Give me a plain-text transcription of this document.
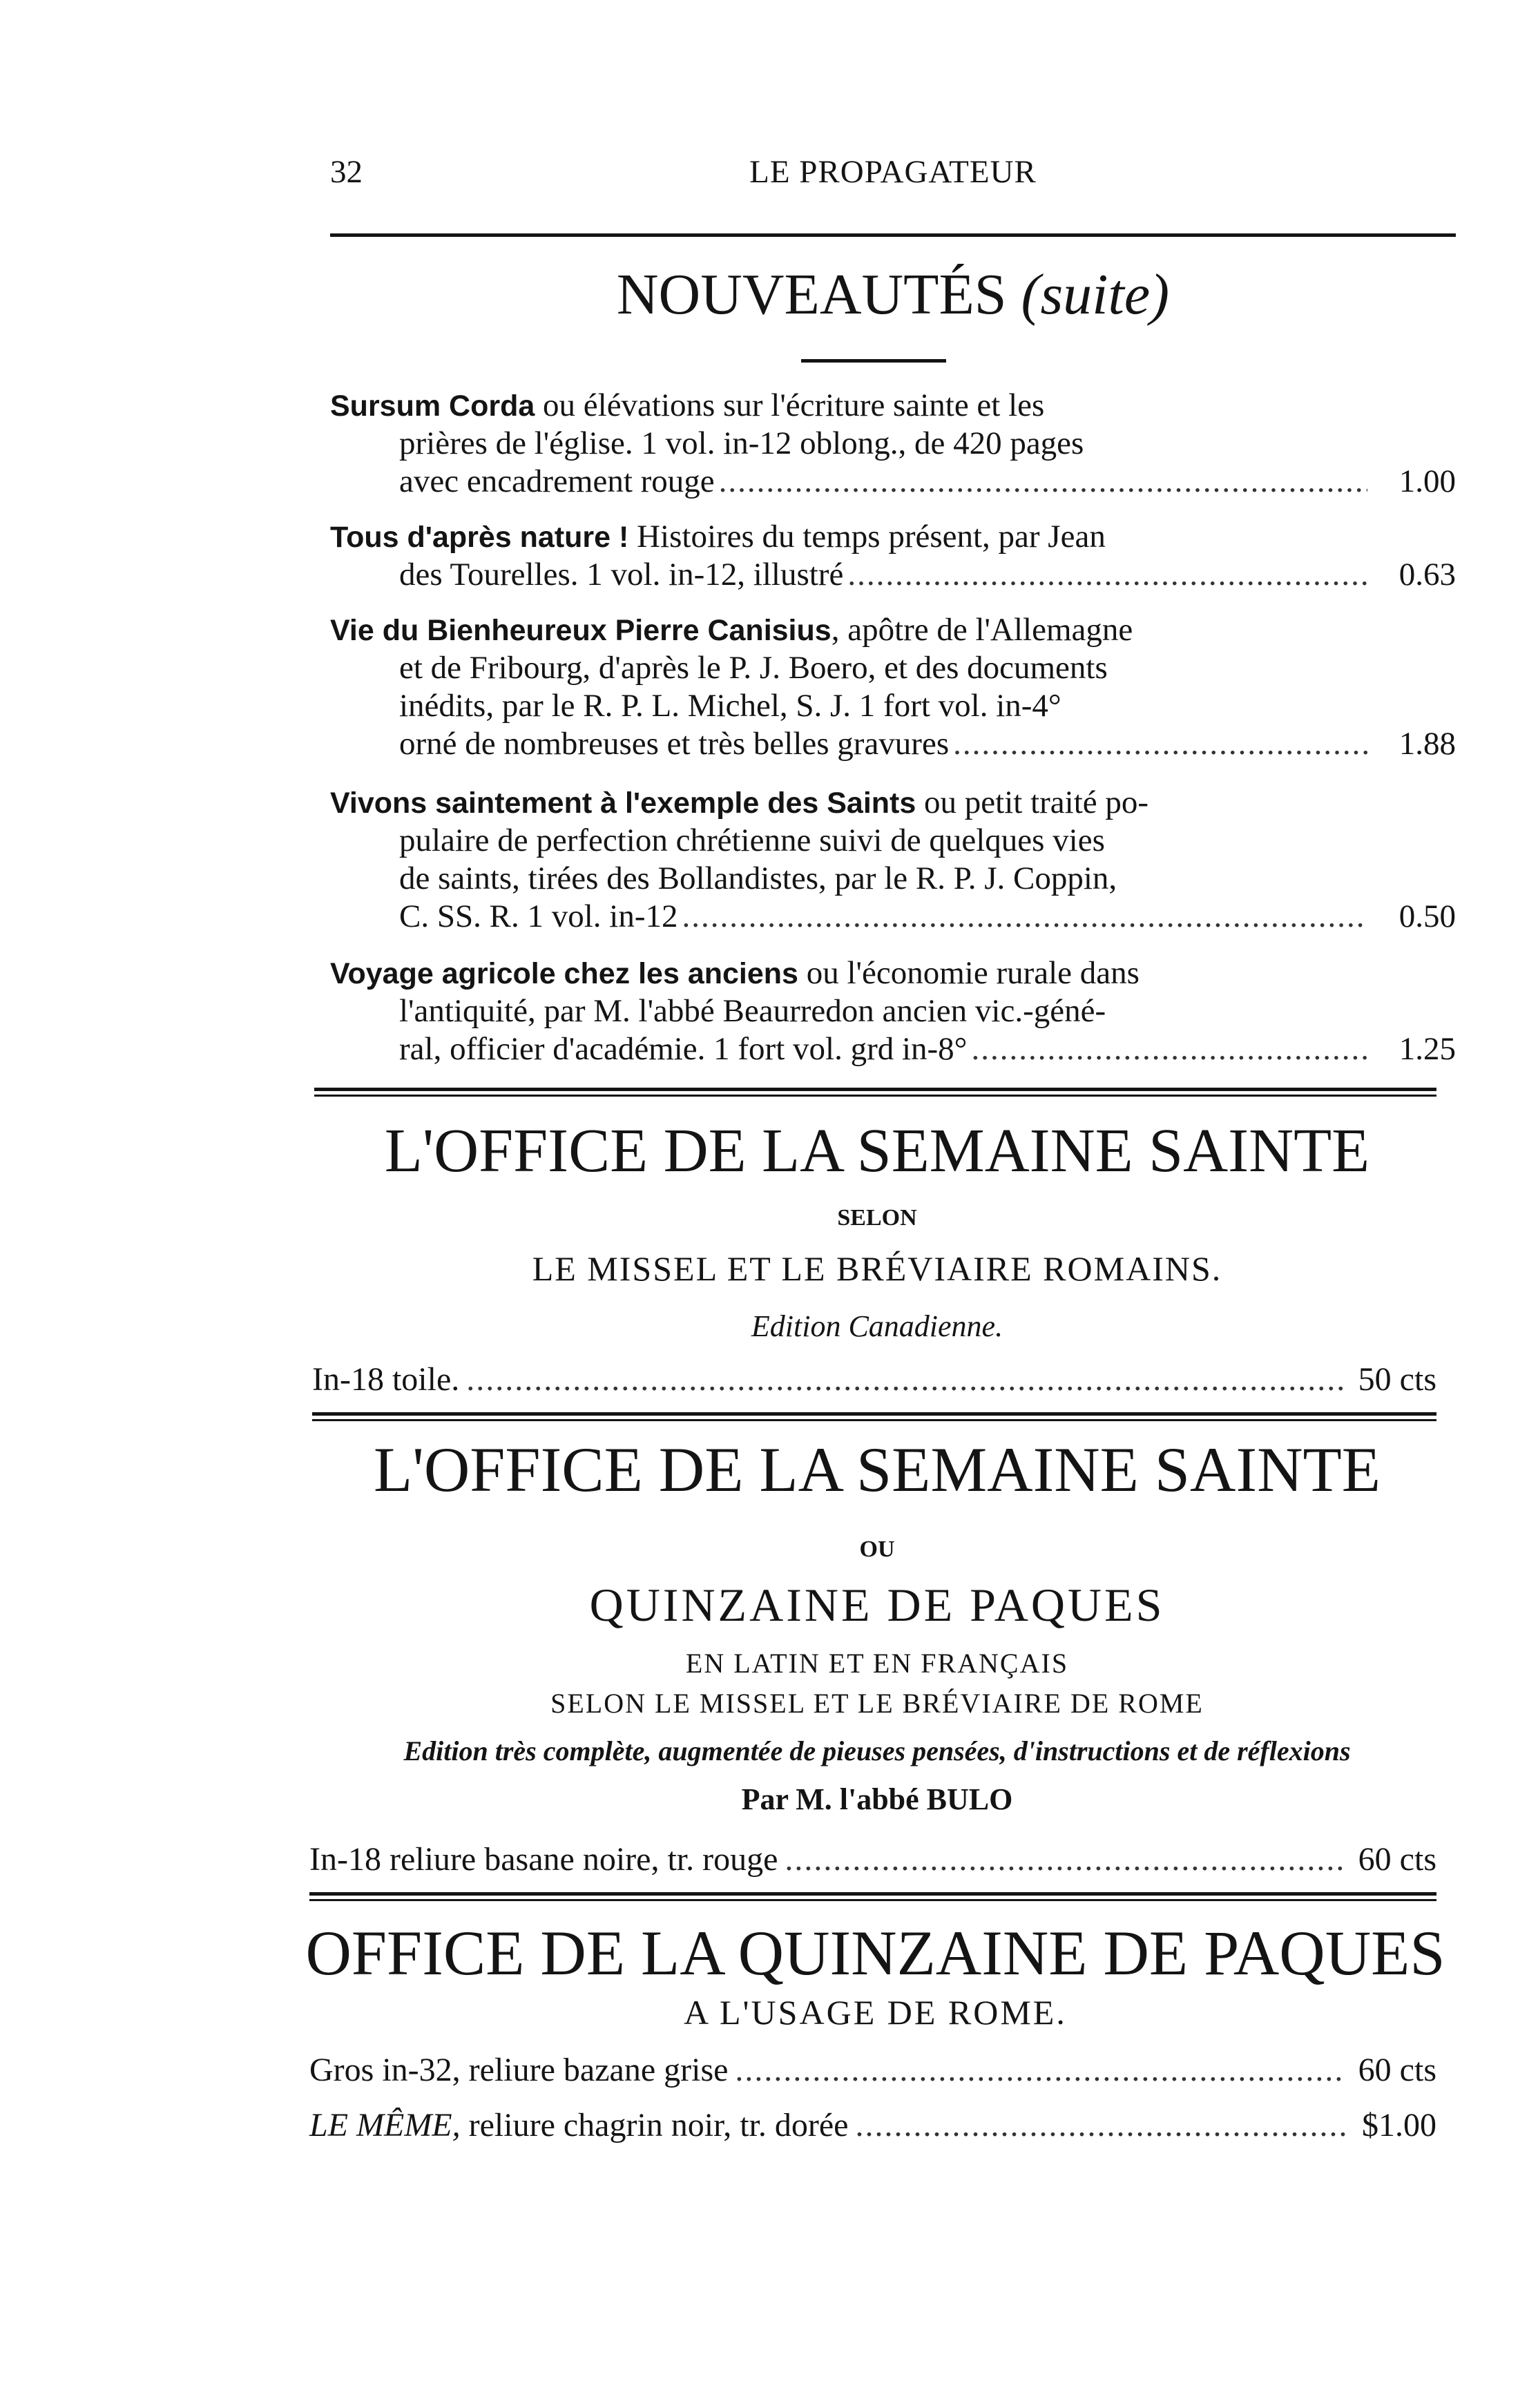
32	LE PROPAGATEUR
NOUVEAUTÉS (suite)
Sursum Corda ou élévations sur l'écriture sainte et les
prières de l'église. 1 vol. in-12 oblong., de 420 pages
avec encadrement rouge .....	1.00
Tous d'après nature ! Histoires du temps présent, par Jean
des Tourelles. 1 vol. in-12, illustré .....	0.63
Vie du Bienheureux Pierre Canisius, apôtre de l'Allemagne
et de Fribourg, d'après le P. J. Boero, et des documents
inédits, par le R. P. L. Michel, S. J. 1 fort vol. in-4°
orné de nombreuses et très belles gravures .....	1.88
Vivons saintement à l'exemple des Saints ou petit traité po-
pulaire de perfection chrétienne suivi de quelques vies
de saints, tirées des Bollandistes, par le R. P. J. Coppin,
C. SS. R. 1 vol. in-12 .....	0.50
Voyage agricole chez les anciens ou l'économie rurale dans
l'antiquité, par M. l'abbé Beaurredon ancien vic.-géné-
ral, officier d'académie. 1 fort vol. grd in-8° .....	1.25
L'OFFICE DE LA SEMAINE SAINTE
SELON
LE MISSEL ET LE BRÉVIAIRE ROMAINS.
Edition Canadienne.
In-18 toile. .....	50 cts
L'OFFICE DE LA SEMAINE SAINTE
OU
QUINZAINE DE PAQUES
EN LATIN ET EN FRANÇAIS
SELON LE MISSEL ET LE BRÉVIAIRE DE ROME
Edition très complète, augmentée de pieuses pensées, d'instructions et de réflexions
Par M. l'abbé BULO
In-18 reliure basane noire, tr. rouge .....	60 cts
OFFICE DE LA QUINZAINE DE PAQUES
A L'USAGE DE ROME.
Gros in-32, reliure bazane grise .....	60 cts
LE MÊME, reliure chagrin noir, tr. dorée .....	$1.00
